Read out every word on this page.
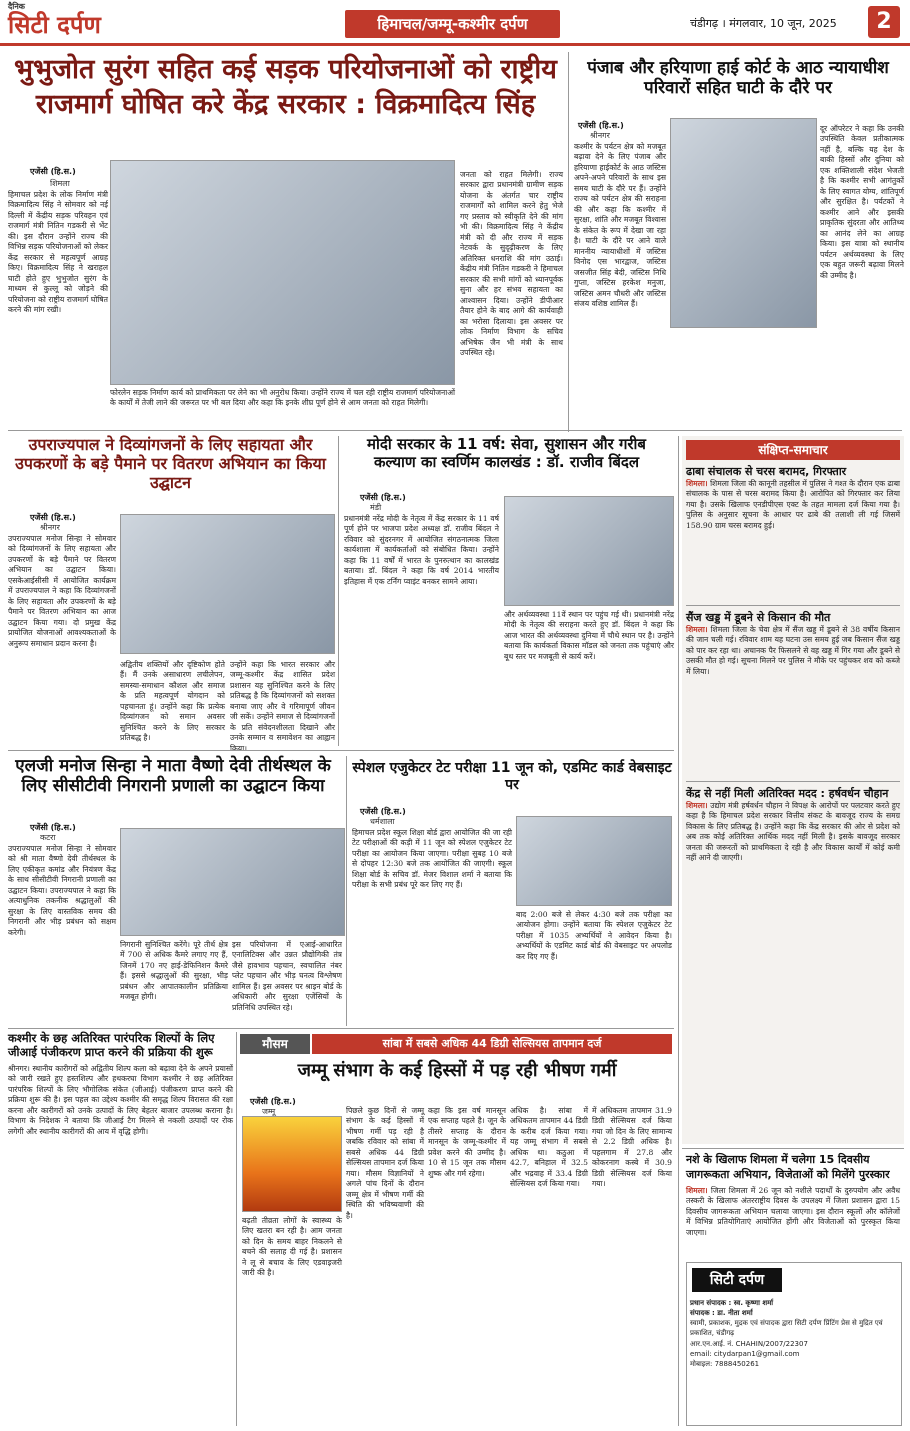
दैनिक
सिटी दर्पण	हिमाचल/जम्मू-कश्मीर दर्पण	चंडीगढ़ । मंगलवार, 10 जून, 2025	2
भुभुजोत सुरंग सहित कई सड़क परियोजनाओं को राष्ट्रीय राजमार्ग घोषित करे केंद्र सरकार : विक्रमादित्य सिंह
एजेंसी (हि.स.)
शिमला
हिमाचल प्रदेश के लोक निर्माण मंत्री विक्रमादित्य सिंह ने सोमवार को नई दिल्ली में केंद्रीय सड़क परिवहन एवं राजमार्ग मंत्री नितिन गडकरी से भेंट की। इस दौरान उन्होंने राज्य की विभिन्न सड़क परियोजनाओं को लेकर केंद्र सरकार से महत्वपूर्ण आग्रह किए। विक्रमादित्य सिंह ने खराहल घाटी होते हुए भुभुजोत सुरंग के माध्यम से कुल्लू को जोड़ने की परियोजना को राष्ट्रीय राजमार्ग घोषित करने की मांग रखी।
फोरलेन सड़क निर्माण कार्य को प्राथमिकता पर लेने का भी अनुरोध किया। उन्होंने राज्य में चल रही राष्ट्रीय राजमार्ग परियोजनाओं के कार्यों में तेजी लाने की जरूरत पर भी बल दिया और कहा कि इनके शीघ्र पूर्ण होने से आम जनता को राहत मिलेगी।
जनता को राहत मिलेगी। राज्य सरकार द्वारा प्रधानमंत्री ग्रामीण सड़क योजना के अंतर्गत चार राष्ट्रीय राजमार्गों को शामिल करने हेतु भेजे गए प्रस्ताव को स्वीकृति देने की मांग भी की। विक्रमादित्य सिंह ने केंद्रीय मंत्री को दी और राज्य में सड़क नेटवर्क के सुदृढ़ीकरण के लिए अतिरिक्त धनराशि की मांग उठाई। केंद्रीय मंत्री नितिन गडकरी ने हिमाचल सरकार की सभी मांगों को ध्यानपूर्वक सुना और हर संभव सहायता का आश्वासन दिया। उन्होंने डीपीआर तैयार होने के बाद आगे की कार्यवाही का भरोसा दिलाया। इस अवसर पर लोक निर्माण विभाग के सचिव अभिषेक जैन भी मंत्री के साथ उपस्थित रहे।
पंजाब और हरियाणा हाई कोर्ट के आठ न्यायाधीश परिवारों सहित घाटी के दौरे पर
एजेंसी (हि.स.)
श्रीनगर
कश्मीर के पर्यटन क्षेत्र को मजबूत बढ़ावा देने के लिए पंजाब और हरियाणा हाईकोर्ट के आठ जस्टिस अपने-अपने परिवारों के साथ इस समय घाटी के दौरे पर हैं। उन्होंने राज्य को पर्यटन क्षेत्र की सराहना की और कहा कि कश्मीर में सुरक्षा, शांति और मजबूत विश्वास के संकेत के रूप में देखा जा रहा है। घाटी के दौरे पर आने वाले माननीय न्यायाधीशों में जस्टिस विनोद एस भारद्वाज, जस्टिस जसजीत सिंह बेदी, जस्टिस निधि गुप्ता, जस्टिस हरकेश मनुजा, जस्टिस अमन चौधरी और जस्टिस संजय वशिष्ठ शामिल हैं।
दूर ऑपरेटर ने कहा कि उनकी उपस्थिति केवल प्रतीकात्मक नहीं है, बल्कि यह देश के बाकी हिस्सों और दुनिया को एक शक्तिशाली संदेश भेजती है कि कश्मीर सभी आगंतुकों के लिए स्वागत योग्य, शांतिपूर्ण और सुरक्षित है। पर्यटकों ने कश्मीर आने और इसकी प्राकृतिक सुंदरता और आतिथ्य का आनंद लेने का आग्रह किया। इस यात्रा को स्थानीय पर्यटन अर्थव्यवस्था के लिए एक बहुत जरूरी बढ़ावा मिलने की उम्मीद है।
उपराज्यपाल ने दिव्यांगजनों के लिए सहायता और उपकरणों के बड़े पैमाने पर वितरण अभियान का किया उद्घाटन
एजेंसी (हि.स.)
श्रीनगर
उपराज्यपाल मनोज सिन्हा ने सोमवार को दिव्यांगजनों के लिए सहायता और उपकरणों के बड़े पैमाने पर वितरण अभियान का उद्घाटन किया। एसकेआईसीसी में आयोजित कार्यक्रम में उपराज्यपाल ने कहा कि दिव्यांगजनों के लिए सहायता और उपकरणों के बड़े पैमाने पर वितरण अभियान का आज उद्घाटन किया गया। दो प्रमुख केंद्र प्रायोजित योजनाओं आवश्यकताओं के अनुरूप समाधान प्रदान करना है।
अद्वितीय शक्तियों और दृष्टिकोण होते हैं। मैं उनके असाधारण लचीलेपन, समस्या-समाधान कौशल और समाज के प्रति महत्वपूर्ण योगदान को पहचानता हूं। उन्होंने कहा कि प्रत्येक दिव्यांगजन को समान अवसर सुनिश्चित करने के लिए सरकार प्रतिबद्ध है।
उन्होंने कहा कि भारत सरकार और जम्मू-कश्मीर केंद्र शासित प्रदेश प्रशासन यह सुनिश्चित करने के लिए प्रतिबद्ध है कि दिव्यांगजनों को सशक्त बनाया जाए और वे गरिमापूर्ण जीवन जी सकें। उन्होंने समाज से दिव्यांगजनों के प्रति संवेदनशीलता दिखाने और उनके सम्मान व समावेशन का आह्वान किया।
मोदी सरकार के 11 वर्ष: सेवा, सुशासन और गरीब कल्याण का स्वर्णिम कालखंड : डॉ. राजीव बिंदल
एजेंसी (हि.स.)
मंडी
प्रधानमंत्री नरेंद्र मोदी के नेतृत्व में केंद्र सरकार के 11 वर्ष पूर्ण होने पर भाजपा प्रदेश अध्यक्ष डॉ. राजीव बिंदल ने रविवार को सुंदरनगर में आयोजित संगठनात्मक जिला कार्यशाला में कार्यकर्ताओं को संबोधित किया। उन्होंने कहा कि 11 वर्षों में भारत के पुनरुत्थान का कालखंड बताया। डॉ. बिंदल ने कहा कि वर्ष 2014 भारतीय इतिहास में एक टर्निंग प्वाइंट बनकर सामने आया।
और अर्थव्यवस्था 11वें स्थान पर पहुंच गई थी। प्रधानमंत्री नरेंद्र मोदी के नेतृत्व की सराहना करते हुए डॉ. बिंदल ने कहा कि आज भारत की अर्थव्यवस्था दुनिया में चौथे स्थान पर है। उन्होंने बताया कि कार्यकर्ता विकास मॉडल को जनता तक पहुंचाएं और बूथ स्तर पर मजबूती से कार्य करें।
संक्षिप्त-समाचार
ढाबा संचालक से चरस बरामद, गिरफ्तार
शिमला। शिमला जिला की कानूनी तहसील में पुलिस ने गश्त के दौरान एक ढाबा संचालक के पास से चरस बरामद किया है। आरोपित को गिरफ्तार कर लिया गया है। उसके खिलाफ एनडीपीएस एक्ट के तहत मामला दर्ज किया गया है। पुलिस के अनुसार सूचना के आधार पर ढाबे की तलाशी ली गई जिसमें 158.90 ग्राम चरस बरामद हुई।
सैंज खड्ड में डूबने से किसान की मौत
शिमला। शिमला जिला के चेवा क्षेत्र में सैंज खड्ड में डूबने से 38 वर्षीय किसान की जान चली गई। रविवार शाम यह घटना उस समय हुई जब किसान सैंज खड्ड को पार कर रहा था। अचानक पैर फिसलने से वह खड्ड में गिर गया और डूबने से उसकी मौत हो गई। सूचना मिलने पर पुलिस ने मौके पर पहुंचकर शव को कब्जे में लिया।
केंद्र से नहीं मिली अतिरिक्त मदद : हर्षवर्धन चौहान
शिमला। उद्योग मंत्री हर्षवर्धन चौहान ने विपक्ष के आरोपों पर पलटवार करते हुए कहा है कि हिमाचल प्रदेश सरकार वित्तीय संकट के बावजूद राज्य के समग्र विकास के लिए प्रतिबद्ध है। उन्होंने कहा कि केंद्र सरकार की ओर से प्रदेश को अब तक कोई अतिरिक्त आर्थिक मदद नहीं मिली है। इसके बावजूद सरकार जनता की जरूरतों को प्राथमिकता दे रही है और विकास कार्यों में कोई कमी नहीं आने दी जाएगी।
नशे के खिलाफ शिमला में चलेगा 15 दिवसीय जागरूकता अभियान, विजेताओं को मिलेंगे पुरस्कार
शिमला। जिला शिमला में 26 जून को नशीले पदार्थों के दुरुपयोग और अवैध तस्करी के खिलाफ अंतरराष्ट्रीय दिवस के उपलक्ष्य में जिला प्रशासन द्वारा 15 दिवसीय जागरूकता अभियान चलाया जाएगा। इस दौरान स्कूलों और कॉलेजों में विभिन्न प्रतियोगिताएं आयोजित होंगी और विजेताओं को पुरस्कृत किया जाएगा।
सिटी दर्पण
प्रधान संपादक : स्व. कृष्णा शर्मा
संपादक : डा. नीता शर्मा
स्वामी, प्रकाशक, मुद्रक एवं संपादक द्वारा सिटी दर्पण प्रिंटिंग प्रेस से मुद्रित एवं प्रकाशित, चंडीगढ़
आर.एन.आई. नं. CHAHIN/2007/22307
email: citydarpan1@gmail.com
मोबाइल: 7888450261
एलजी मनोज सिन्हा ने माता वैष्णो देवी तीर्थस्थल के लिए सीसीटीवी निगरानी प्रणाली का उद्घाटन किया
एजेंसी (हि.स.)
कटरा
उपराज्यपाल मनोज सिन्हा ने सोमवार को श्री माता वैष्णो देवी तीर्थस्थल के लिए एकीकृत कमांड और नियंत्रण केंद्र के साथ सीसीटीवी निगरानी प्रणाली का उद्घाटन किया। उपराज्यपाल ने कहा कि अत्याधुनिक तकनीक श्रद्धालुओं की सुरक्षा के लिए वास्तविक समय की निगरानी और भीड़ प्रबंधन को सक्षम करेगी।
निगरानी सुनिश्चित करेंगे। पूरे तीर्थ क्षेत्र में 700 से अधिक कैमरे लगाए गए हैं, जिनमें 170 नए हाई-डेफिनिशन कैमरे हैं। इससे श्रद्धालुओं की सुरक्षा, भीड़ प्रबंधन और आपातकालीन प्रतिक्रिया मजबूत होगी।
इस परियोजना में एआई-आधारित एनालिटिक्स और उन्नत प्रौद्योगिकी तंत्र जैसे हावभाव पहचान, स्वचालित नंबर प्लेट पहचान और भीड़ घनत्व विश्लेषण शामिल हैं। इस अवसर पर श्राइन बोर्ड के अधिकारी और सुरक्षा एजेंसियों के प्रतिनिधि उपस्थित रहे।
स्पेशल एजुकेटर टेट परीक्षा 11 जून को, एडमिट कार्ड वेबसाइट पर
एजेंसी (हि.स.)
धर्मशाला
हिमाचल प्रदेश स्कूल शिक्षा बोर्ड द्वारा आयोजित की जा रही टेट परीक्षाओं की कड़ी में 11 जून को स्पेशल एजुकेटर टेट परीक्षा का आयोजन किया जाएगा। परीक्षा सुबह 10 बजे से दोपहर 12:30 बजे तक आयोजित की जाएगी। स्कूल शिक्षा बोर्ड के सचिव डॉ. मेजर विशाल शर्मा ने बताया कि परीक्षा के सभी प्रबंध पूरे कर लिए गए हैं।
बाद 2:00 बजे से लेकर 4:30 बजे तक परीक्षा का आयोजन होगा। उन्होंने बताया कि स्पेशल एजुकेटर टेट परीक्षा में 1035 अभ्यर्थियों ने आवेदन किया है। अभ्यर्थियों के एडमिट कार्ड बोर्ड की वेबसाइट पर अपलोड कर दिए गए हैं।
कश्मीर के छह अतिरिक्त पारंपरिक शिल्पों के लिए जीआई पंजीकरण प्राप्त करने की प्रक्रिया की शुरू
श्रीनगर। स्थानीय कारीगरों को अद्वितीय शिल्प कला को बढ़ावा देने के अपने प्रयासों को जारी रखते हुए हस्तशिल्प और हथकरघा विभाग कश्मीर ने छह अतिरिक्त पारंपरिक शिल्पों के लिए भौगोलिक संकेत (जीआई) पंजीकरण प्राप्त करने की प्रक्रिया शुरू की है। इस पहल का उद्देश्य कश्मीर की समृद्ध शिल्प विरासत की रक्षा करना और कारीगरों को उनके उत्पादों के लिए बेहतर बाजार उपलब्ध कराना है। विभाग के निदेशक ने बताया कि जीआई टैग मिलने से नकली उत्पादों पर रोक लगेगी और स्थानीय कारीगरों की आय में वृद्धि होगी।
मौसम	सांबा में सबसे अधिक 44 डिग्री सेल्सियस तापमान दर्ज
जम्मू संभाग के कई हिस्सों में पड़ रही भीषण गर्मी
एजेंसी (हि.स.)
जम्मू	पिछले कुछ दिनों से जम्मू संभाग के कई हिस्सों में भीषण गर्मी पड़ रही है जबकि रविवार को सांबा में सबसे अधिक 44 डिग्री सेल्सियस तापमान दर्ज किया गया। मौसम विज्ञानियों ने अगले पांच दिनों के दौरान जम्मू क्षेत्र में भीषण गर्मी की स्थिति की भविष्यवाणी की है।
बढ़ती तीव्रता लोगों के स्वास्थ्य के लिए खतरा बन रही है। आम जनता को दिन के समय बाहर निकलने से बचने की सलाह दी गई है। प्रशासन ने लू से बचाव के लिए एडवाइजरी जारी की है।
कहा कि इस वर्ष मानसून एक सप्ताह पहले है। जून के तीसरे सप्ताह के दौरान मानसून के जम्मू-कश्मीर में प्रवेश करने की उम्मीद है। 10 से 15 जून तक मौसम शुष्क और गर्म रहेगा।
अधिक है। सांबा में अधिकतम तापमान 44 डिग्री के करीब दर्ज किया गया। यह जम्मू संभाग में सबसे अधिक था। कठुआ में 42.7, बनिहाल में 32.5 और भद्रवाह में 33.4 डिग्री सेल्सियस दर्ज किया गया।
में अधिकतम तापमान 31.9 डिग्री सेल्सियस दर्ज किया गया जो दिन के लिए सामान्य से 2.2 डिग्री अधिक है। पहलगाम में 27.8 और कोकरनाग कस्बे में 30.9 डिग्री सेल्सियस दर्ज किया गया।
